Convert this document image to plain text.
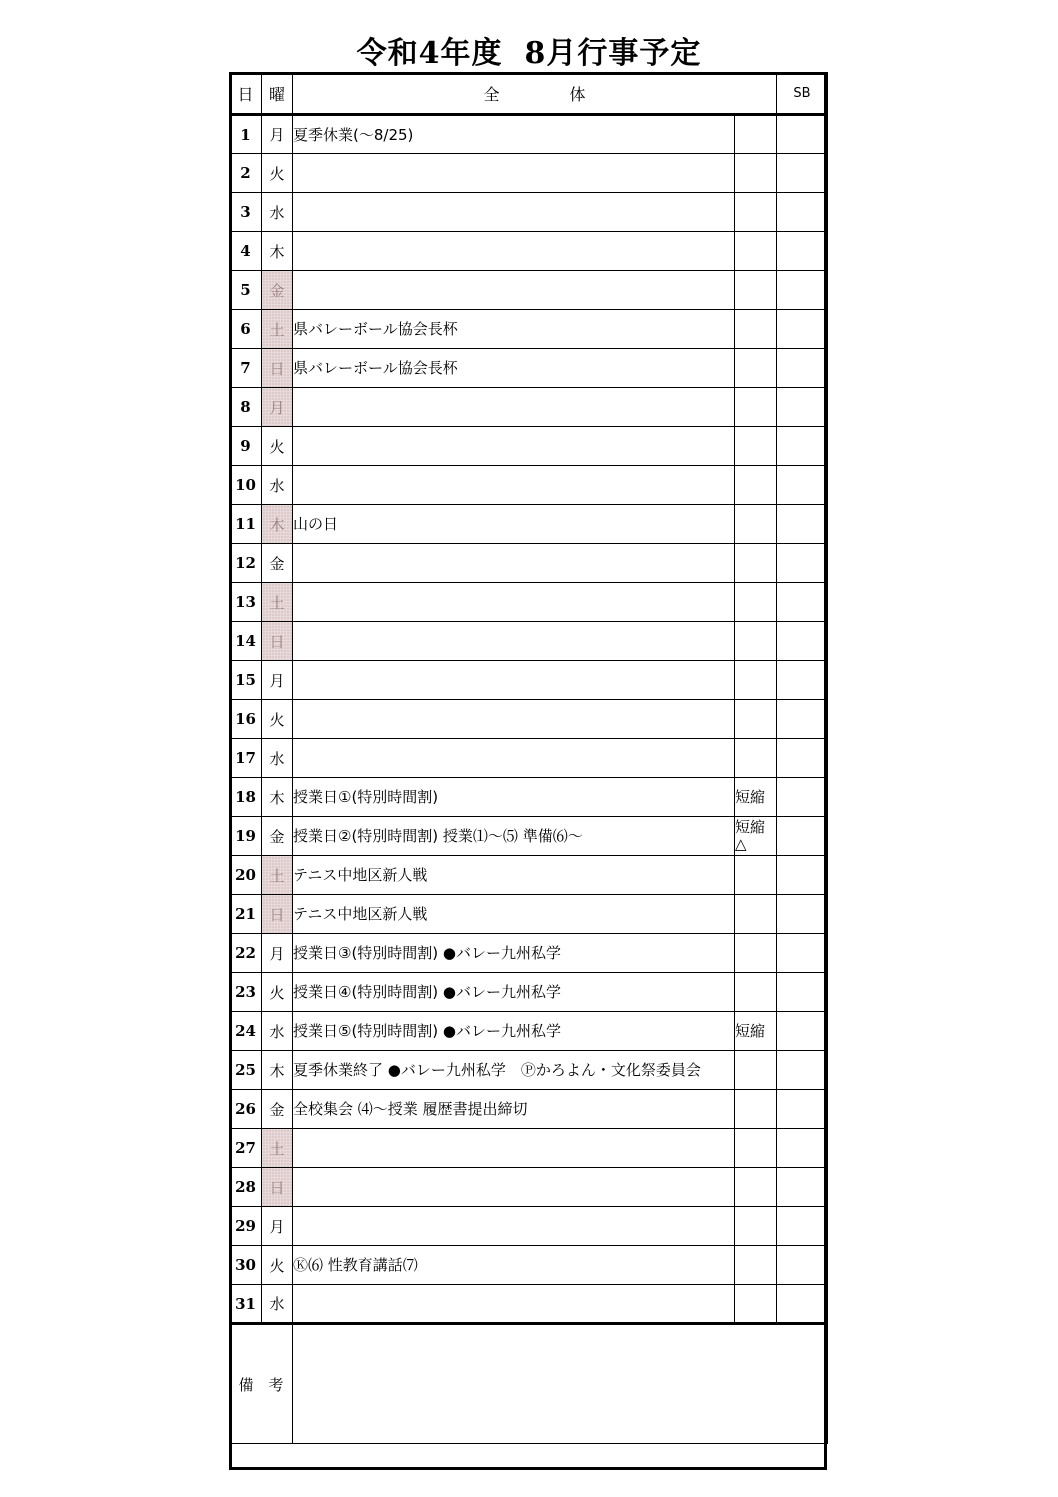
令和4年度 8月行事予定
日	曜	全 体		SB
1	月	夏季休業(〜8/25)		
2	火			
3	水			
4	木			
5	金			
6	土	県バレーボール協会長杯		
7	日	県バレーボール協会長杯		
8	月			
9	火			
10	水			
11	木	山の日		
12	金			
13	土			
14	日			
15	月			
16	火			
17	水			
18	木	授業日①(特別時間割)	短縮	
19	金	授業日②(特別時間割) 授業⑴〜⑸ 準備⑹〜	短縮 △	
20	土	テニス中地区新人戦		
21	日	テニス中地区新人戦		
22	月	授業日③(特別時間割) ●バレー九州私学		
23	火	授業日④(特別時間割) ●バレー九州私学		
24	水	授業日⑤(特別時間割) ●バレー九州私学	短縮	
25	木	夏季休業終了 ●バレー九州私学　Ⓟかろよん・文化祭委員会		
26	金	全校集会 ⑷〜授業 履歴書提出締切		
27	土			
28	日			
29	月			
30	火	Ⓚ⑹ 性教育講話⑺		
31	水			
備　考				
